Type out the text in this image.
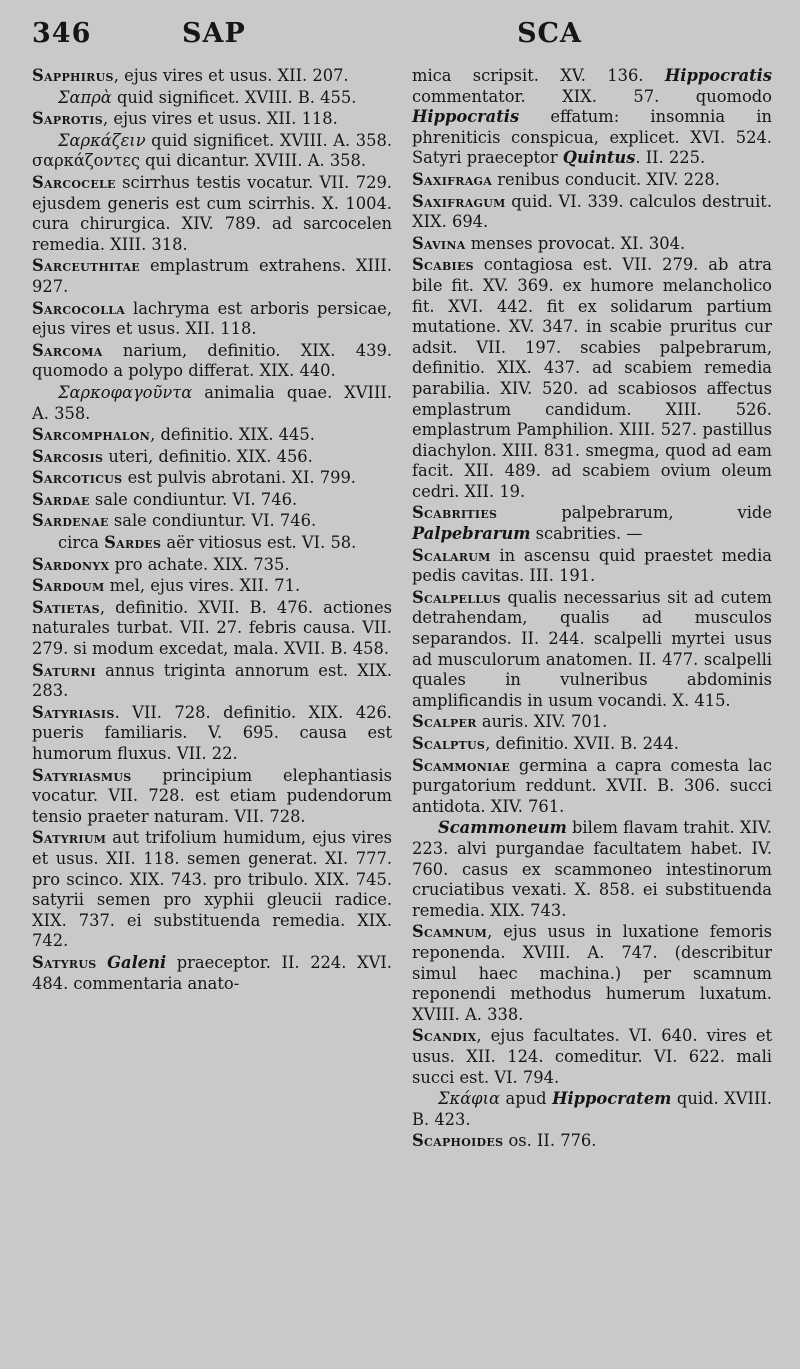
346	SAP	SCA

Sapphirus, ejus vires et usus. XII. 207.

Σαπρὰ quid significet. XVIII. B. 455.

Saprotis, ejus vires et usus. XII. 118.

Σαρκάζειν quid significet. XVIII. A. 358. σαρκάζοντες qui dicantur. XVIII. A. 358.

Sarcocele scirrhus testis vocatur. VII. 729. ejusdem generis est cum scirrhis. X. 1004. cura chirurgica. XIV. 789. ad sarcocelen remedia. XIII. 318.

Sarceuthitae emplastrum extrahens. XIII. 927.

Sarcocolla lachryma est arboris persicae, ejus vires et usus. XII. 118.

Sarcoma narium, definitio. XIX. 439. quomodo a polypo differat. XIX. 440.

Σαρκοφαγοῦντα animalia quae. XVIII. A. 358.

Sarcomphalon, definitio. XIX. 445.

Sarcosis uteri, definitio. XIX. 456.

Sarcoticus est pulvis abrotani. XI. 799.

Sardae sale condiuntur. VI. 746.

Sardenae sale condiuntur. VI. 746.

circa Sardes aër vitiosus est. VI. 58.

Sardonyx pro achate. XIX. 735.

Sardoum mel, ejus vires. XII. 71.

Satietas, definitio. XVII. B. 476. actiones naturales turbat. VII. 27. febris causa. VII. 279. si modum excedat, mala. XVII. B. 458.

Saturni annus triginta annorum est. XIX. 283.

Satyriasis. VII. 728. definitio. XIX. 426. pueris familiaris. V. 695. causa est humorum fluxus. VII. 22.

Satyriasmus principium elephantiasis vocatur. VII. 728. est etiam pudendorum tensio praeter naturam. VII. 728.

Satyrium aut trifolium humidum, ejus vires et usus. XII. 118. semen generat. XI. 777. pro scinco. XIX. 743. pro tribulo. XIX. 745. satyrii semen pro xyphii gleucii radice. XIX. 737. ei substituenda remedia. XIX. 742.

Satyrus Galeni praeceptor. II. 224. XVI. 484. commentaria anato-

mica scripsit. XV. 136. Hippocratis commentator. XIX. 57. quomodo Hippocratis effatum: insomnia in phreniticis conspicua, explicet. XVI. 524. Satyri praeceptor Quintus. II. 225.

Saxifraga renibus conducit. XIV. 228.

Saxifragum quid. VI. 339. calculos destruit. XIX. 694.

Savina menses provocat. XI. 304.

Scabies contagiosa est. VII. 279. ab atra bile fit. XV. 369. ex humore melancholico fit. XVI. 442. fit ex solidarum partium mutatione. XV. 347. in scabie pruritus cur adsit. VII. 197. scabies palpebrarum, definitio. XIX. 437. ad scabiem remedia parabilia. XIV. 520. ad scabiosos affectus emplastrum candidum. XIII. 526. emplastrum Pamphilion. XIII. 527. pastillus diachylon. XIII. 831. smegma, quod ad eam facit. XII. 489. ad scabiem ovium oleum cedri. XII. 19.

Scabrities palpebrarum, vide Palpebrarum scabrities. —

Scalarum in ascensu quid praestet media pedis cavitas. III. 191.

Scalpellus qualis necessarius sit ad cutem detrahendam, qualis ad musculos separandos. II. 244. scalpelli myrtei usus ad musculorum anatomen. II. 477. scalpelli quales in vulneribus abdominis amplificandis in usum vocandi. X. 415.

Scalper auris. XIV. 701.

Scalptus, definitio. XVII. B. 244.

Scammoniae germina a capra comesta lac purgatorium reddunt. XVII. B. 306. succi antidota. XIV. 761.

Scammoneum bilem flavam trahit. XIV. 223. alvi purgandae facultatem habet. IV. 760. casus ex scammoneo intestinorum cruciatibus vexati. X. 858. ei substituenda remedia. XIX. 743.

Scamnum, ejus usus in luxatione femoris reponenda. XVIII. A. 747. (describitur simul haec machina.) per scamnum reponendi methodus humerum luxatum. XVIII. A. 338.

Scandix, ejus facultates. VI. 640. vires et usus. XII. 124. comeditur. VI. 622. mali succi est. VI. 794.

Σκάφια apud Hippocratem quid. XVIII. B. 423.

Scaphoides os. II. 776.
